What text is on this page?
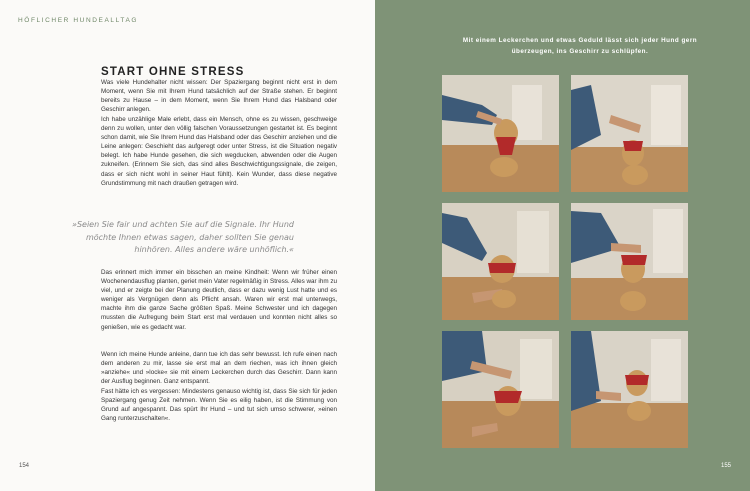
HÖFLICHER HUNDEALLTAG
START OHNE STRESS

Was viele Hundehalter nicht wissen: Der Spaziergang beginnt nicht erst in dem Moment, wenn Sie mit Ihrem Hund tatsächlich auf der Straße stehen. Er beginnt bereits zu Hause – in dem Moment, wenn Sie Ihrem Hund das Halsband oder Geschirr anlegen.

Ich habe unzählige Male erlebt, dass ein Mensch, ohne es zu wissen, geschweige denn zu wollen, unter den völlig falschen Voraussetzungen gestartet ist. Es beginnt schon damit, wie Sie Ihrem Hund das Halsband oder das Geschirr anziehen und die Leine anlegen: Geschieht das aufgeregt oder unter Stress, ist die Situation negativ belegt. Ich habe Hunde gesehen, die sich wegducken, abwenden oder die Augen zukneifen. (Erinnern Sie sich, das sind alles Beschwichtigungssignale, die zeigen, dass er sich nicht wohl in seiner Haut fühlt). Kein Wunder, dass diese negative Grundstimmung mit nach draußen getragen wird.

»Seien Sie fair und achten Sie auf die Signale. Ihr Hund möchte Ihnen etwas sagen, daher sollten Sie genau hinhören. Alles andere wäre unhöflich.«

Das erinnert mich immer ein bisschen an meine Kindheit: Wenn wir früher einen Wochenendausflug planten, geriet mein Vater regelmäßig in Stress. Alles war ihm zu viel, und er zeigte bei der Planung deutlich, dass er dazu wenig Lust hatte und es weniger als Vergnügen denn als Pflicht ansah. Waren wir erst mal unterwegs, machte ihm die ganze Sache größten Spaß. Meine Schwester und ich dagegen mussten die Aufregung beim Start erst mal verdauen und konnten nicht alles so genießen, wie es gedacht war.

Wenn ich meine Hunde anleine, dann tue ich das sehr bewusst. Ich rufe einen nach dem anderen zu mir, lasse sie erst mal an dem riechen, was ich ihnen gleich »anziehe« und »locke« sie mit einem Leckerchen durch das Geschirr. Dann kann der Ausflug beginnen. Ganz entspannt.

Fast hätte ich es vergessen: Mindestens genauso wichtig ist, dass Sie sich für jeden Spaziergang genug Zeit nehmen. Wenn Sie es eilig haben, ist die Stimmung von Grund auf angespannt. Das spürt Ihr Hund – und tut sich umso schwerer, »einen Gang runterzuschalten«.

154

Mit einem Leckerchen und etwas Geduld lässt sich jeder Hund gern überzeugen, ins Geschirr zu schlüpfen.

155
